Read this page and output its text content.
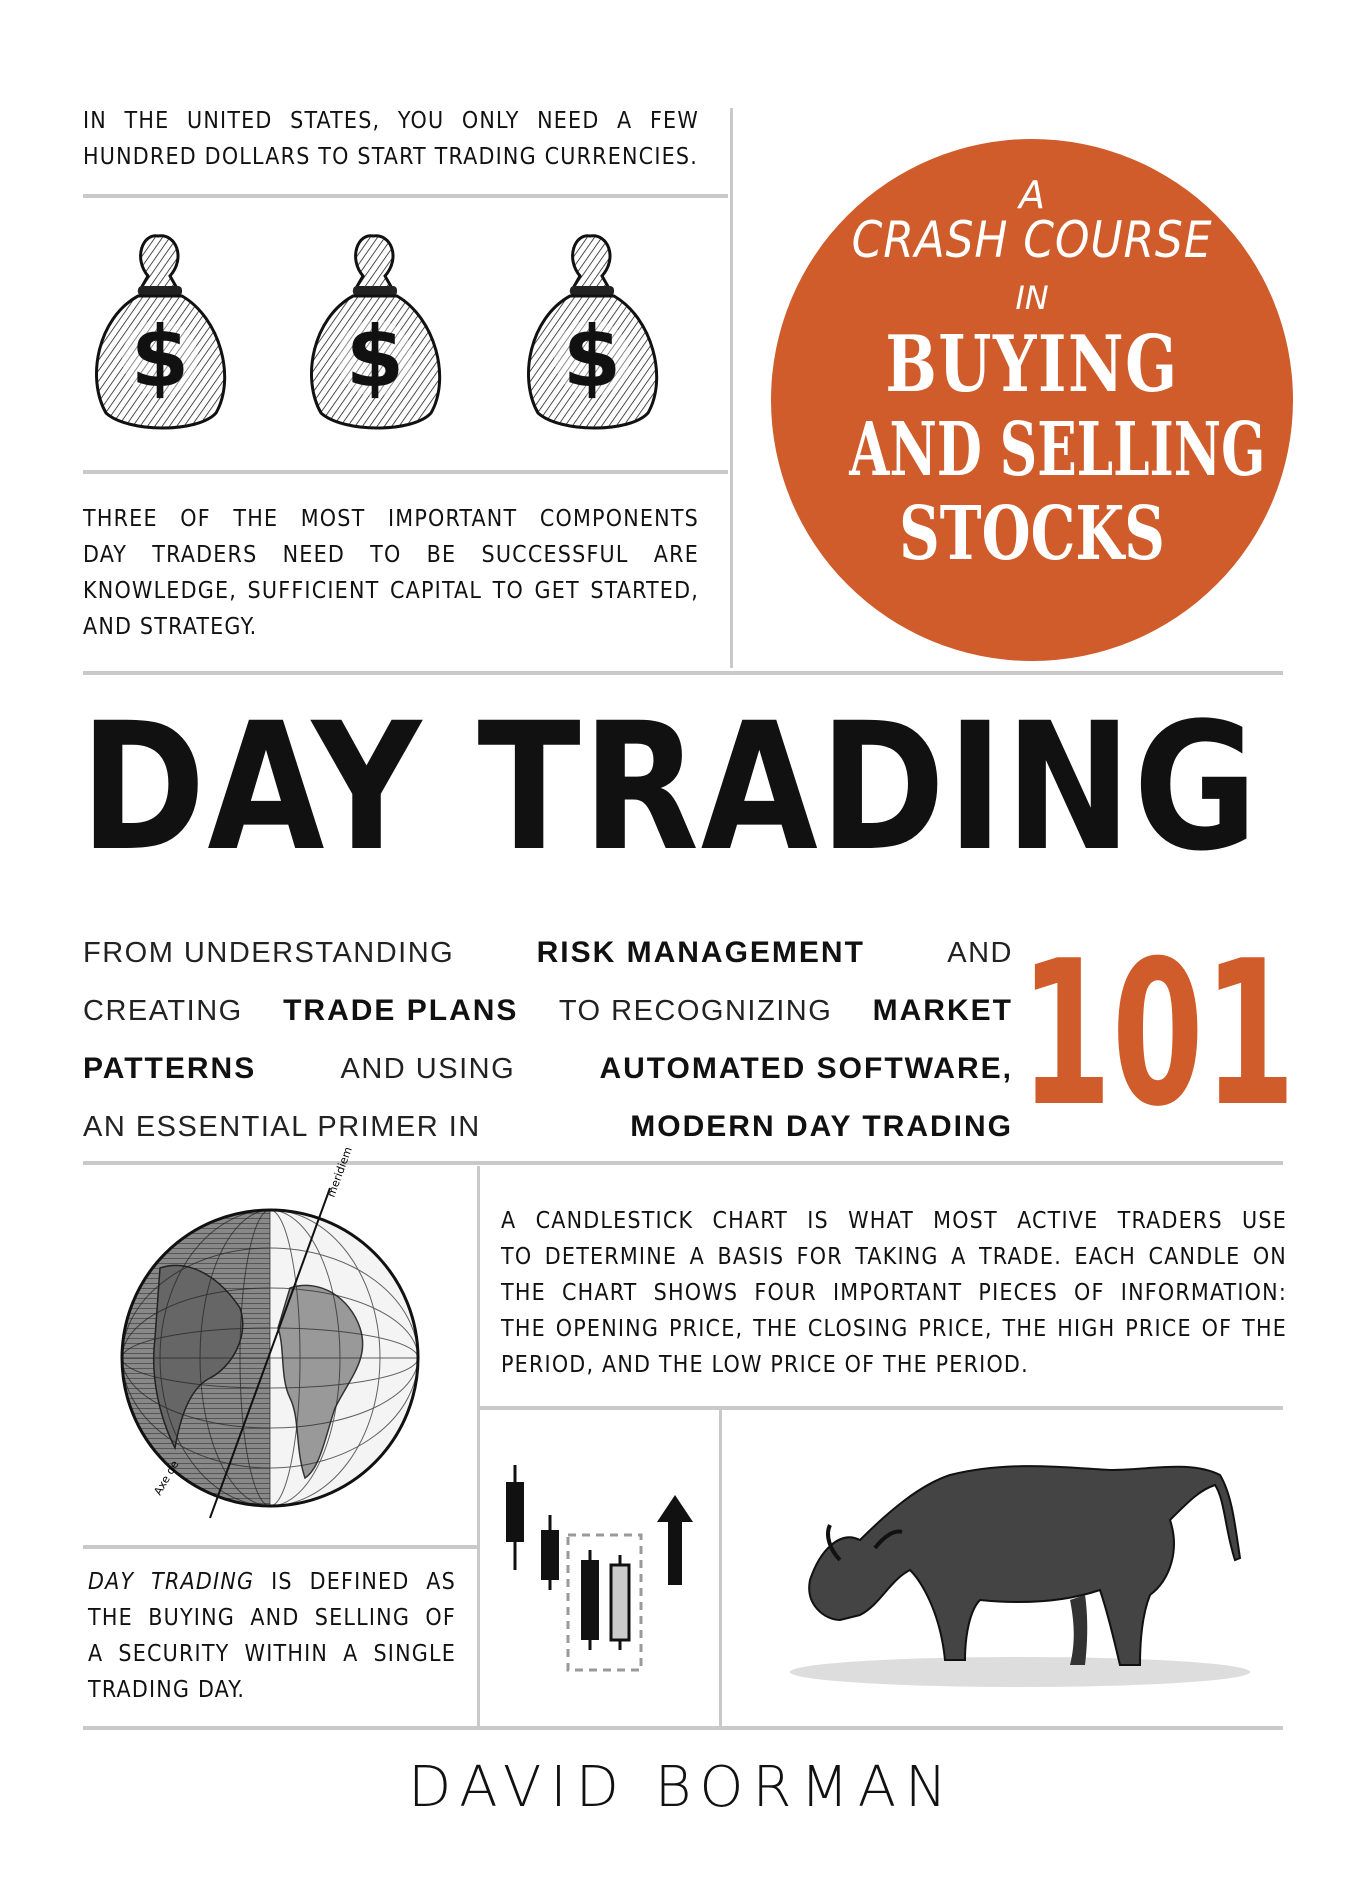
IN THE UNITED STATES, YOU ONLY NEED A FEW
HUNDRED DOLLARS TO START TRADING CURRENCIES.
$ $ $
THREE OF THE MOST IMPORTANT COMPONENTS
DAY TRADERS NEED TO BE SUCCESSFUL ARE
KNOWLEDGE, SUFFICIENT CAPITAL TO GET STARTED,
AND STRATEGY.
A
CRASH COURSE
IN
BUYING
AND SELLING
STOCKS
DAY TRADING
FROM UNDERSTANDING	RISK MANAGEMENT	AND
CREATING TRADE PLANS TO RECOGNIZING MARKET
PATTERNS	AND USING	AUTOMATED SOFTWARE,
AN ESSENTIAL PRIMER IN	MODERN DAY TRADING 101
meridiem
Axe de
A CANDLESTICK CHART IS WHAT MOST ACTIVE TRADERS USE
TO DETERMINE A BASIS FOR TAKING A TRADE. EACH CANDLE ON
THE CHART SHOWS FOUR IMPORTANT PIECES OF INFORMATION:
THE OPENING PRICE, THE CLOSING PRICE, THE HIGH PRICE OF THE
PERIOD, AND THE LOW PRICE OF THE PERIOD.
DAY TRADING IS DEFINED AS
THE BUYING AND SELLING OF
A SECURITY WITHIN A SINGLE
TRADING DAY.
DAVID BORMAN
